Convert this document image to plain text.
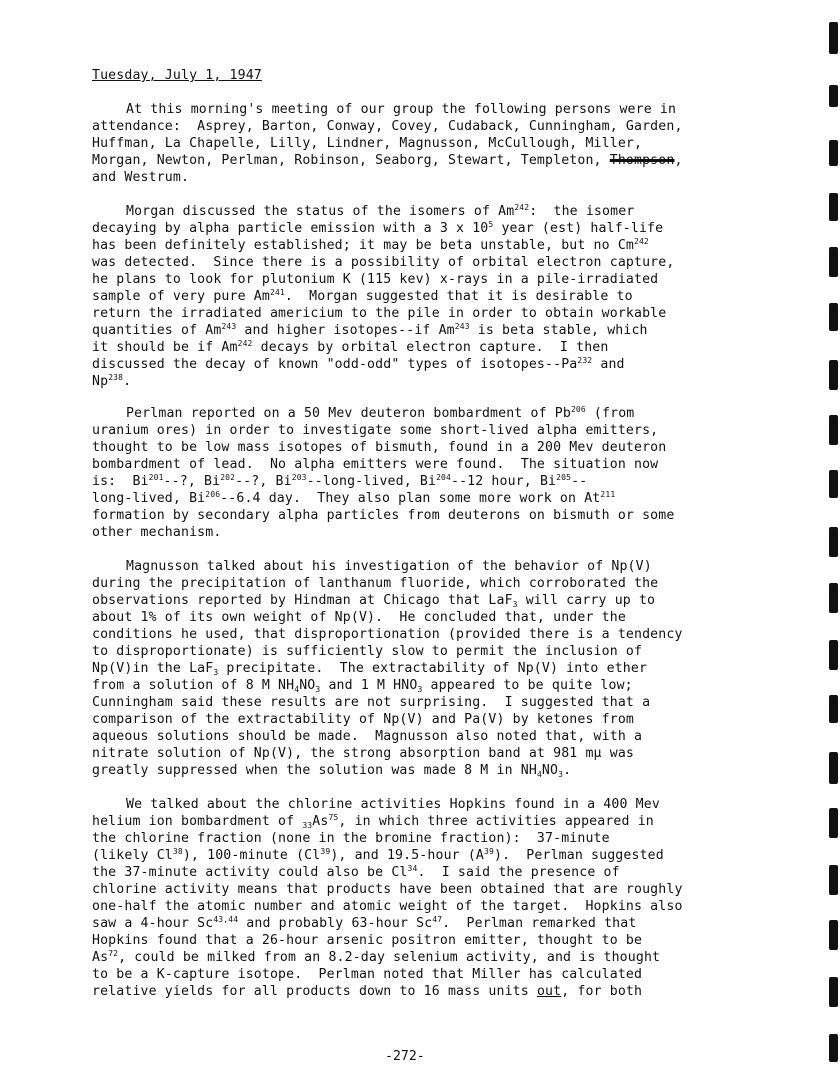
Tuesday, July 1, 1947
At this morning's meeting of our group the following persons were in
attendance:  Asprey, Barton, Conway, Covey, Cudaback, Cunningham, Garden,
Huffman, La Chapelle, Lilly, Lindner, Magnusson, McCullough, Miller,
Morgan, Newton, Perlman, Robinson, Seaborg, Stewart, Templeton, Thompson,
and Westrum.
Morgan discussed the status of the isomers of Am$^{242}$:  the isomer
decaying by alpha particle emission with a 3 x $10^5$ year (est) half-life
has been definitely established; it may be beta unstable, but no Cm$^{242}$
was detected.  Since there is a possibility of orbital electron capture,
he plans to look for plutonium K (115 kev) x-rays in a pile-irradiated
sample of very pure Am$^{241}$.  Morgan suggested that it is desirable to
return the irradiated americium to the pile in order to obtain workable
quantities of Am$^{243}$ and higher isotopes--if Am$^{243}$ is beta stable, which
it should be if Am$^{242}$ decays by orbital electron capture.  I then
discussed the decay of known "odd-odd" types of isotopes--Pa$^{232}$ and
Np$^{238}$.
Perlman reported on a 50 Mev deuteron bombardment of Pb$^{206}$ (from
uranium ores) in order to investigate some short-lived alpha emitters,
thought to be low mass isotopes of bismuth, found in a 200 Mev deuteron
bombardment of lead.  No alpha emitters were found.  The situation now
is:  Bi$^{201}$--?, Bi$^{202}$--?, Bi$^{203}$--long-lived, Bi$^{204}$--12 hour, Bi$^{205}$--
long-lived, Bi$^{206}$--6.4 day.  They also plan some more work on At$^{211}$
formation by secondary alpha particles from deuterons on bismuth or some
other mechanism.
Magnusson talked about his investigation of the behavior of Np(V)
during the precipitation of lanthanum fluoride, which corroborated the
observations reported by Hindman at Chicago that LaF$_3$ will carry up to
about 1% of its own weight of Np(V).  He concluded that, under the
conditions he used, that disproportionation (provided there is a tendency
to disproportionate) is sufficiently slow to permit the inclusion of
Np(V)in the LaF$_3$ precipitate.  The extractability of Np(V) into ether
from a solution of 8 M $NH_4NO_3$ and 1 M $HNO_3$ appeared to be quite low;
Cunningham said these results are not surprising.  I suggested that a
comparison of the extractability of Np(V) and Pa(V) by ketones from
aqueous solutions should be made.  Magnusson also noted that, with a
nitrate solution of Np(V), the strong absorption band at 981 mμ was
greatly suppressed when the solution was made 8 M in $NH_4NO_3$.
We talked about the chlorine activities Hopkins found in a 400 Mev
helium ion bombardment of $_{33}As^{75}$, in which three activities appeared in
the chlorine fraction (none in the bromine fraction):  37-minute
(likely Cl$^{38}$), 100-minute (Cl$^{39}$), and 19.5-hour $(A^{39})$.  Perlman suggested
the 37-minute activity could also be Cl$^{34}$.  I said the presence of
chlorine activity means that products have been obtained that are roughly
one-half the atomic number and atomic weight of the target.  Hopkins also
saw a 4-hour Sc$^{43,44}$ and probably 63-hour Sc$^{47}$.  Perlman remarked that
Hopkins found that a 26-hour arsenic positron emitter, thought to be
As$^{72}$, could be milked from an 8.2-day selenium activity, and is thought
to be a K-capture isotope.  Perlman noted that Miller has calculated
relative yields for all products down to 16 mass units out, for both
-272-
